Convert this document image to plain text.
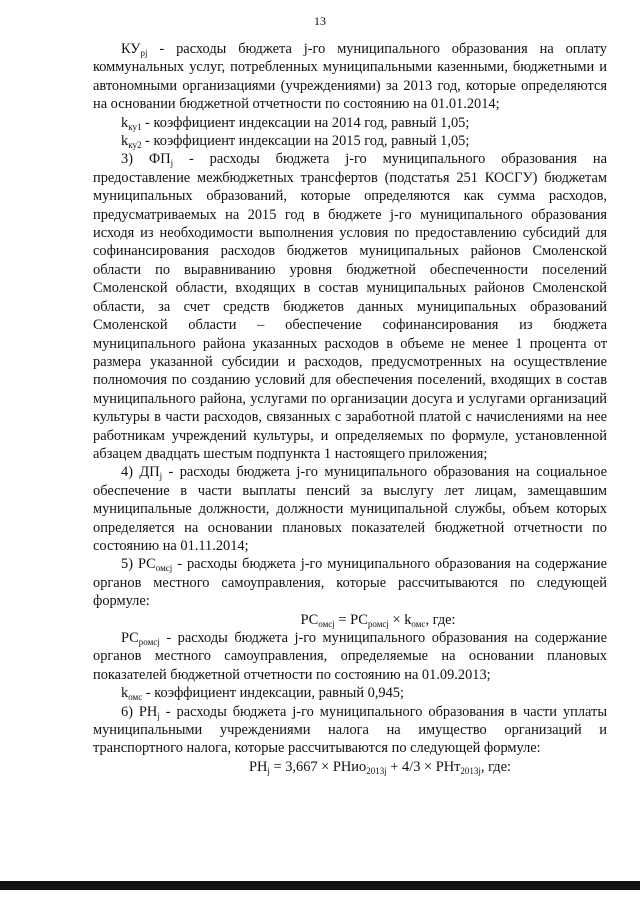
13

$КУ_{pj}$ - расходы бюджета j-го муниципального образования на оплату коммунальных услуг, потребленных муниципальными казенными, бюджетными и автономными организациями (учреждениями) за 2013 год, которые определяются на основании бюджетной отчетности по состоянию на 01.01.2014;

$k_{ку1}$ - коэффициент индексации на 2014 год, равный 1,05;

$k_{ку2}$ - коэффициент индексации на 2015 год, равный 1,05;

3) $ФП_j$ - расходы бюджета j-го муниципального образования на предоставление межбюджетных трансфертов (подстатья 251 КОСГУ) бюджетам муниципальных образований, которые определяются как сумма расходов, предусматриваемых на 2015 год в бюджете j-го муниципального образования исходя из необходимости выполнения условия по предоставлению субсидий для софинансирования расходов бюджетов муниципальных районов Смоленской области по выравниванию уровня бюджетной обеспеченности поселений Смоленской области, входящих в состав муниципальных районов Смоленской области, за счет средств бюджетов данных муниципальных образований Смоленской области – обеспечение софинансирования из бюджета муниципального района указанных расходов в объеме не менее 1 процента от размера указанной субсидии и расходов, предусмотренных на осуществление полномочия по созданию условий для обеспечения поселений, входящих в состав муниципального района, услугами по организации досуга и услугами организаций культуры в части расходов, связанных с заработной платой с начислениями на нее работникам учреждений культуры, и определяемых по формуле, установленной абзацем двадцать шестым подпункта 1 настоящего приложения;

4) $ДП_j$ - расходы бюджета j-го муниципального образования на социальное обеспечение в части выплаты пенсий за выслугу лет лицам, замещавшим муниципальные должности, должности муниципальной службы, объем которых определяется на основании плановых показателей бюджетной отчетности по состоянию на 01.11.2014;

5) $РС_{омсj}$ - расходы бюджета j-го муниципального образования на содержание органов местного самоуправления, которые рассчитываются по следующей формуле:

$РС_{омсj} = РС_{ромсj} \times k_{омс}$, где:

$РС_{ромсj}$ - расходы бюджета j-го муниципального образования на содержание органов местного самоуправления, определяемые на основании плановых показателей бюджетной отчетности по состоянию на 01.09.2013;

$k_{омс}$ - коэффициент индексации, равный 0,945;

6) $РН_j$ - расходы бюджета j-го муниципального образования в части уплаты муниципальными учреждениями налога на имущество организаций и транспортного налога, которые рассчитываются по следующей формуле:

$РН_j = 3,667$ × РНио$_{2013j}$ + 4/3 × РНт$_{2013j}$, где:
